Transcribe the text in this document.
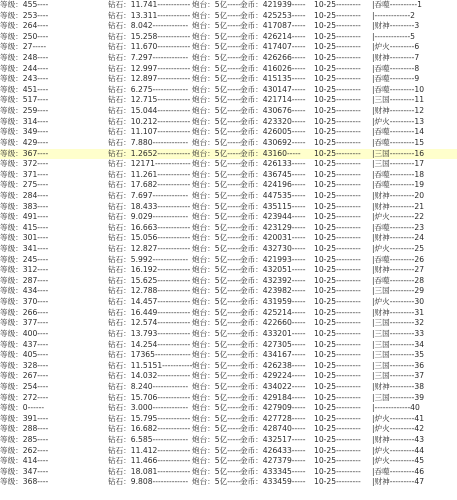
等级：455----	钻石：11.741------------ 炮台：5亿----- 金币：421939----- 10-25--------- |吞噬----------1
等级：253----	钻石：13.311------------ 炮台：5亿----- 金币：425253----- 10-25--------- |-------------2
等级：264----	钻石：8.042------------- 炮台：5亿----- 金币：417087----- 10-25--------- |财神---------3
等级：250----	钻石：15.258------------ 炮台：5亿----- 金币：426214----- 10-25--------- |-------------5
等级：27-----	钻石：11.670------------ 炮台：5亿----- 金币：417407----- 10-25--------- |炉火---------6
等级：248----	钻石：7.297------------- 炮台：5亿----- 金币：426266----- 10-25--------- |财神---------7
等级：244----	钻石：12.997------------ 炮台：5亿----- 金币：416026----- 10-25--------- |吞噬---------8
等级：243----	钻石：12.897------------ 炮台：5亿----- 金币：415135----- 10-25--------- |吞噬---------9
等级：451----	钻石：6.275------------- 炮台：5亿----- 金币：430147----- 10-25--------- |吞噬---------10
等级：517----	钻石：12.715------------ 炮台：5亿----- 金币：421714----- 10-25--------- |三国---------11
等级：259----	钻石：15.044------------ 炮台：5亿----- 金币：430676----- 10-25--------- |财神---------12
等级：314----	钻石：10.212------------ 炮台：5亿----- 金币：423320----- 10-25--------- |炉火---------13
等级：349----	钻石：11.107------------ 炮台：5亿----- 金币：426005----- 10-25--------- |吞噬---------14
等级：429----	钻石：7.880------------- 炮台：5亿----- 金币：430692----- 10-25--------- |吞噬---------15
等级：367----	钻石：1.2652------------ 炮台：5亿----- 金币：43160----- 10-25--------- |三国---------16
等级：372----	钻石：12171------------- 炮台：5亿----- 金币：426133----- 10-25--------- |三国---------17
等级：371----	钻石：11.261------------ 炮台：5亿----- 金币：436745----- 10-25--------- |吞噬---------18
等级：275----	钻石：17.682------------ 炮台：5亿----- 金币：424196----- 10-25--------- |吞噬---------19
等级：284----	钻石：7.697------------- 炮台：5亿----- 金币：447535----- 10-25--------- |财神---------20
等级：383----	钻石：18.433------------ 炮台：5亿----- 金币：435115----- 10-25--------- |财神---------21
等级：491----	钻石：9.029------------- 炮台：5亿----- 金币：423944----- 10-25--------- |炉火---------22
等级：415----	钻石：16.663------------ 炮台：5亿----- 金币：423129----- 10-25--------- |吞噬---------23
等级：301----	钻石：15.056------------ 炮台：5亿----- 金币：420031----- 10-25--------- |财神---------24
等级：341----	钻石：12.827------------ 炮台：5亿----- 金币：432730----- 10-25--------- |炉火---------25
等级：245----	钻石：5.992------------- 炮台：5亿----- 金币：421993----- 10-25--------- |吞噬---------26
等级：312----	钻石：16.192------------ 炮台：5亿----- 金币：432051----- 10-25--------- |财神---------27
等级：287----	钻石：15.625------------ 炮台：5亿----- 金币：432392----- 10-25--------- |吞噬---------28
等级：434----	钻石：12.788------------ 炮台：5亿----- 金币：423982----- 10-25--------- |三国---------29
等级：370----	钻石：14.457------------ 炮台：5亿----- 金币：431959----- 10-25--------- |炉火---------30
等级：266----	钻石：16.449------------ 炮台：5亿----- 金币：425214----- 10-25--------- |财神---------31
等级：377----	钻石：12.574------------ 炮台：5亿----- 金币：422660----- 10-25--------- |三国---------32
等级：400----	钻石：13.793------------ 炮台：5亿----- 金币：433201----- 10-25--------- |三国---------33
等级：437----	钻石：14.254------------ 炮台：5亿----- 金币：427305----- 10-25--------- |三国---------34
等级：405----	钻石：17365------------- 炮台：5亿----- 金币：434167----- 10-25--------- |三国---------35
等级：328----	钻石：11.5151----------- 炮台：5亿----- 金币：426238----- 10-25--------- |三国---------36
等级：267----	钻石：14.032------------ 炮台：5亿----- 金币：429224----- 10-25--------- |三国---------37
等级：254----	钻石：8.240------------- 炮台：5亿----- 金币：434022----- 10-25--------- |财神---------38
等级：272----	钻石：15.706------------ 炮台：5亿----- 金币：429184----- 10-25--------- |三国---------39
等级：0------	钻石：3.000------------- 炮台：5亿----- 金币：427909----- 10-25--------- |-------------40
等级：391----	钻石：15.795------------ 炮台：5亿----- 金币：427728----- 10-25--------- |炉火---------41
等级：288----	钻石：16.682------------ 炮台：5亿----- 金币：428740----- 10-25--------- |炉火---------42
等级：285----	钻石：6.585------------- 炮台：5亿----- 金币：432517----- 10-25--------- |财神---------43
等级：262----	钻石：11.412------------ 炮台：5亿----- 金币：426433----- 10-25--------- |炉火---------44
等级：414----	钻石：11.466------------ 炮台：5亿----- 金币：427379----- 10-25--------- |炉火---------45
等级：347----	钻石：18.081------------ 炮台：5亿----- 金币：433345----- 10-25--------- |吞噬---------46
等级：368----	钻石：9.808------------- 炮台：5亿----- 金币：433459----- 10-25--------- |财神---------47
